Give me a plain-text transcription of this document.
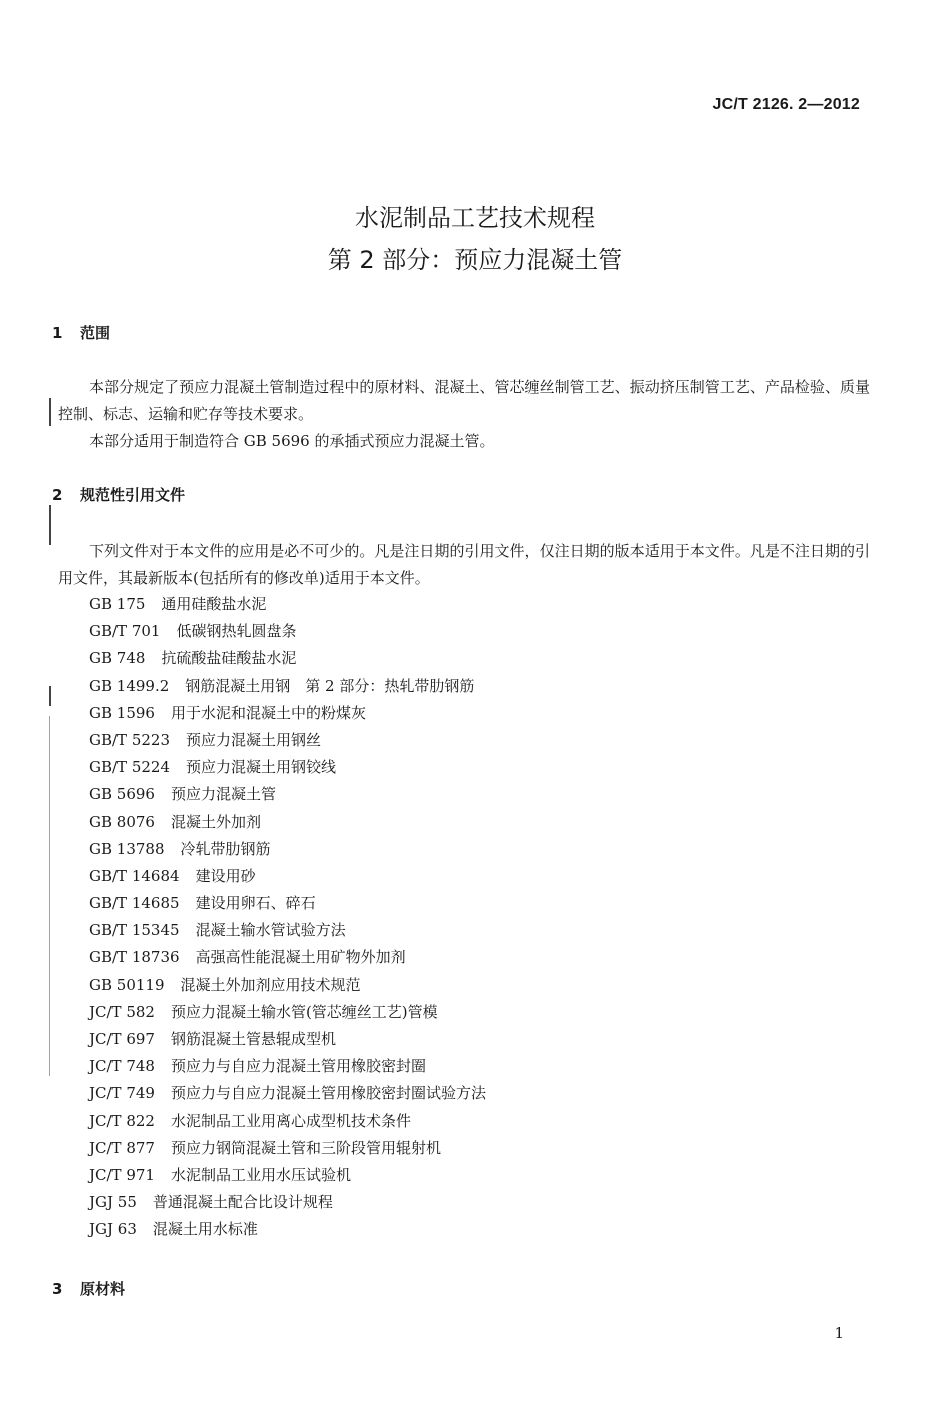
JC/T 2126. 2—2012
水泥制品工艺技术规程
第 2 部分：预应力混凝土管
1 范围

本部分规定了预应力混凝土管制造过程中的原材料、混凝土、管芯缠丝制管工艺、振动挤压制管工艺、产品检验、质量控制、标志、运输和贮存等技术要求。

本部分适用于制造符合 GB 5696 的承插式预应力混凝土管。

2 规范性引用文件

下列文件对于本文件的应用是必不可少的。凡是注日期的引用文件，仅注日期的版本适用于本文件。凡是不注日期的引用文件，其最新版本(包括所有的修改单)适用于本文件。

GB 175 通用硅酸盐水泥
GB/T 701 低碳钢热轧圆盘条
GB 748 抗硫酸盐硅酸盐水泥
GB 1499.2 钢筋混凝土用钢　第 2 部分：热轧带肋钢筋
GB 1596 用于水泥和混凝土中的粉煤灰
GB/T 5223 预应力混凝土用钢丝
GB/T 5224 预应力混凝土用钢铰线
GB 5696 预应力混凝土管
GB 8076 混凝土外加剂
GB 13788 冷轧带肋钢筋
GB/T 14684 建设用砂
GB/T 14685 建设用卵石、碎石
GB/T 15345 混凝土输水管试验方法
GB/T 18736 高强高性能混凝土用矿物外加剂
GB 50119 混凝土外加剂应用技术规范
JC/T 582 预应力混凝土输水管(管芯缠丝工艺)管模
JC/T 697 钢筋混凝土管悬辊成型机
JC/T 748 预应力与自应力混凝土管用橡胶密封圈
JC/T 749 预应力与自应力混凝土管用橡胶密封圈试验方法
JC/T 822 水泥制品工业用离心成型机技术条件
JC/T 877 预应力钢筒混凝土管和三阶段管用辊射机
JC/T 971 水泥制品工业用水压试验机
JGJ 55 普通混凝土配合比设计规程
JGJ 63 混凝土用水标准
3 原材料
1
